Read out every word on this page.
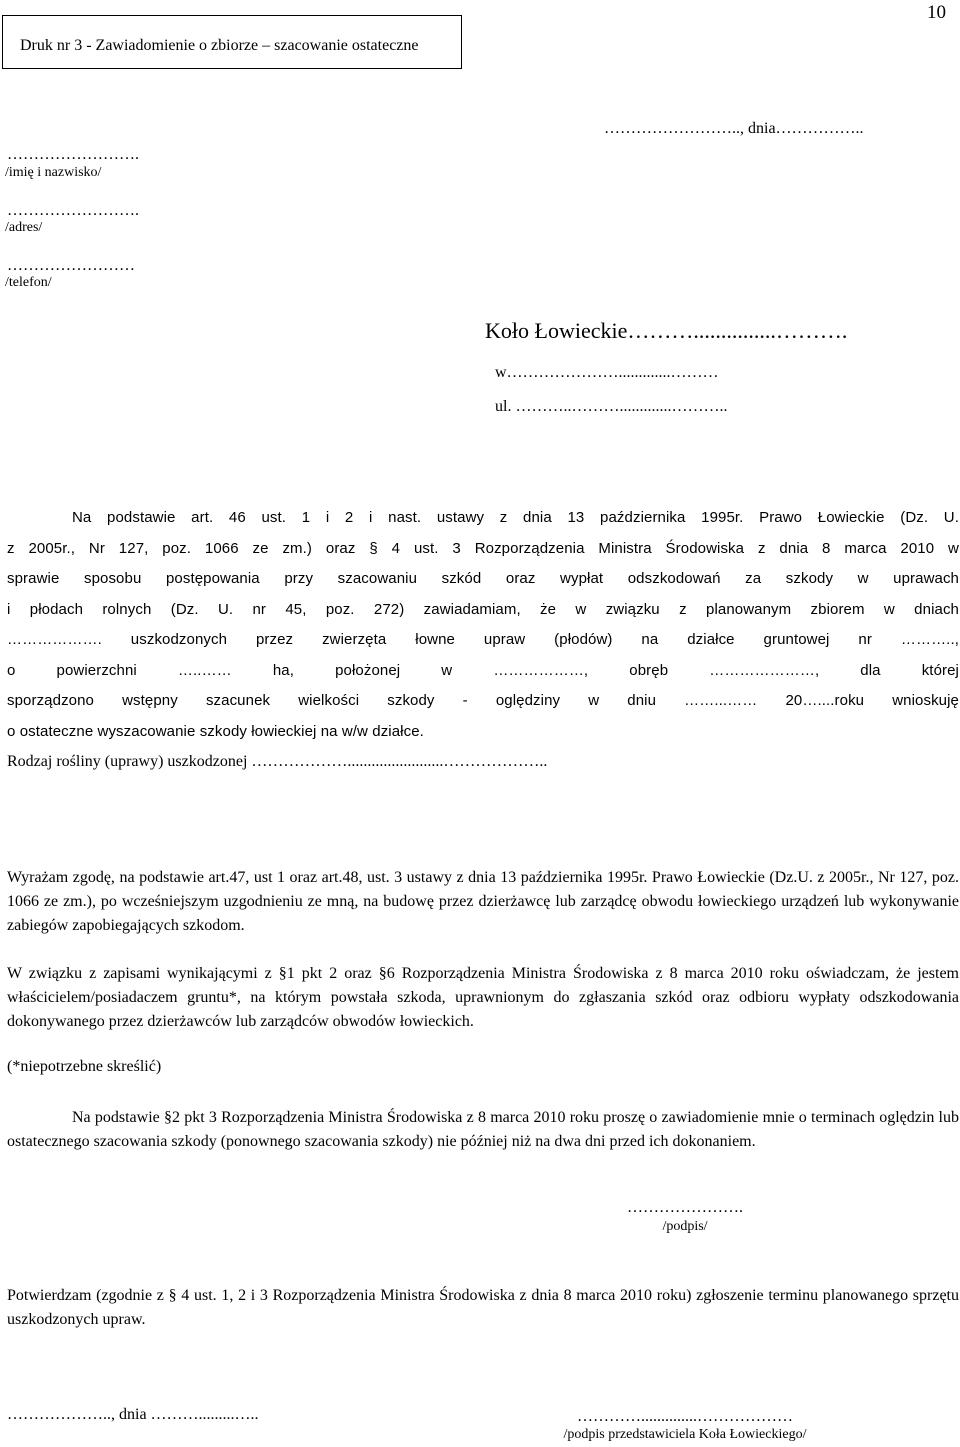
10
Druk nr 3 - Zawiadomienie o zbiorze – szacowanie ostateczne
…………………….., dnia……………..
…………………….
/imię i nazwisko/
…………………….
/adres/
……………………
/telefon/
Koło Łowieckie………...............……….
w………………….............………
ul. ………..……….............………..
Na podstawie art. 46 ust. 1 i 2 i nast. ustawy z dnia 13 października 1995r. Prawo Łowieckie (Dz. U.
z 2005r., Nr 127, poz. 1066 ze zm.) oraz § 4 ust. 3 Rozporządzenia Ministra Środowiska z dnia 8 marca 2010 w
sprawie sposobu postępowania przy szacowaniu szkód oraz wypłat odszkodowań za szkody w uprawach
i płodach rolnych (Dz. U. nr 45, poz. 272) zawiadamiam, że w związku z planowanym zbiorem w dniach
………………. uszkodzonych przez zwierzęta łowne upraw (płodów) na działce gruntowej nr ………..,
o powierzchni …..…… ha, położonej w ………………, obręb …………………, dla której
sporządzono wstępny szacunek wielkości szkody - oględziny w dniu ……...…… 20…....roku wnioskuję
o ostateczne wyszacowanie szkody łowieckiej na w/w działce.
Rodzaj rośliny (uprawy) uszkodzonej ………………........................………………..
Wyrażam zgodę, na podstawie art.47, ust 1 oraz art.48, ust. 3 ustawy z dnia 13 października 1995r. Prawo Łowieckie (Dz.U. z 2005r., Nr 127, poz. 1066 ze zm.), po wcześniejszym uzgodnieniu ze mną, na budowę przez dzierżawcę lub zarządcę obwodu łowieckiego urządzeń lub wykonywanie zabiegów zapobiegających szkodom.
W związku z zapisami wynikającymi z §1 pkt 2 oraz §6 Rozporządzenia Ministra Środowiska z 8 marca 2010 roku oświadczam, że jestem właścicielem/posiadaczem gruntu*, na którym powstała szkoda, uprawnionym do zgłaszania szkód oraz odbioru wypłaty odszkodowania dokonywanego przez dzierżawców lub zarządców obwodów łowieckich.
(*niepotrzebne skreślić)
Na podstawie §2 pkt 3 Rozporządzenia Ministra Środowiska z 8 marca 2010 roku proszę o zawiadomienie mnie o terminach oględzin lub ostatecznego szacowania szkody (ponownego szacowania szkody) nie później niż na dwa dni przed ich dokonaniem.
………………….
/podpis/
Potwierdzam (zgodnie z § 4 ust. 1, 2 i 3 Rozporządzenia Ministra Środowiska z dnia 8 marca 2010 roku) zgłoszenie terminu planowanego sprzętu uszkodzonych upraw.
……………….., dnia ……….........…..	…………..............………………
/podpis przedstawiciela Koła Łowieckiego/
